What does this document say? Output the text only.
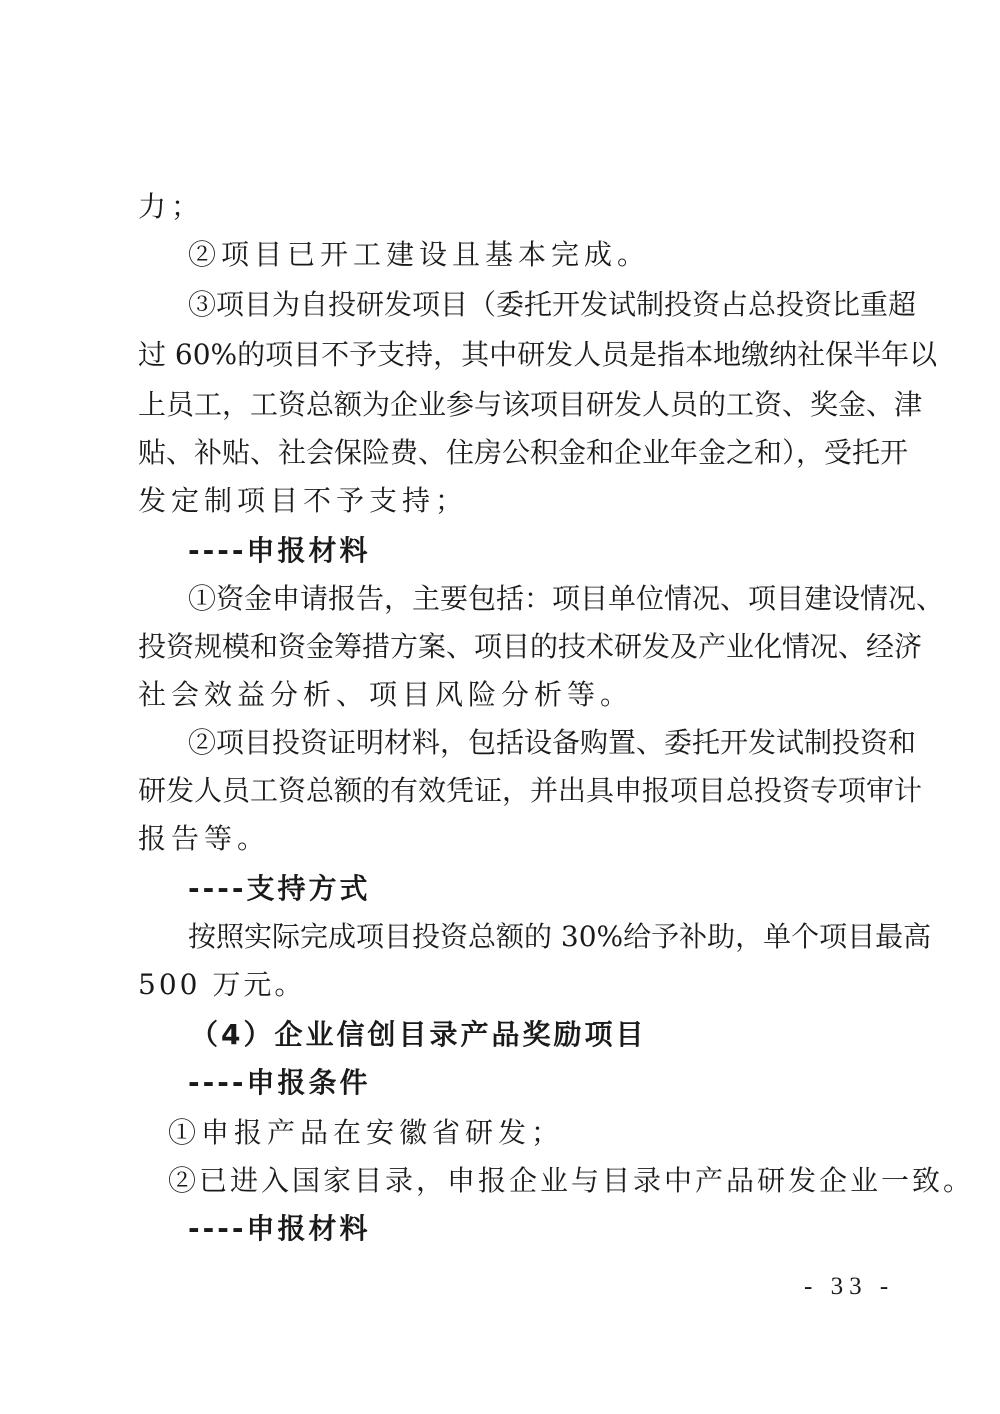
力；
②项目已开工建设且基本完成。
③项目为自投研发项目（委托开发试制投资占总投资比重超
过 60%的项目不予支持，其中研发人员是指本地缴纳社保半年以
上员工，工资总额为企业参与该项目研发人员的工资、奖金、津
贴、补贴、社会保险费、住房公积金和企业年金之和），受托开
发定制项目不予支持；
----申报材料
①资金申请报告，主要包括：项目单位情况、项目建设情况、
投资规模和资金筹措方案、项目的技术研发及产业化情况、经济
社会效益分析、项目风险分析等。
②项目投资证明材料，包括设备购置、委托开发试制投资和
研发人员工资总额的有效凭证，并出具申报项目总投资专项审计
报告等。
----支持方式
按照实际完成项目投资总额的 30%给予补助，单个项目最高
500 万元。
（4）企业信创目录产品奖励项目
----申报条件
①申报产品在安徽省研发；
②已进入国家目录，申报企业与目录中产品研发企业一致。
----申报材料
- 33 -
